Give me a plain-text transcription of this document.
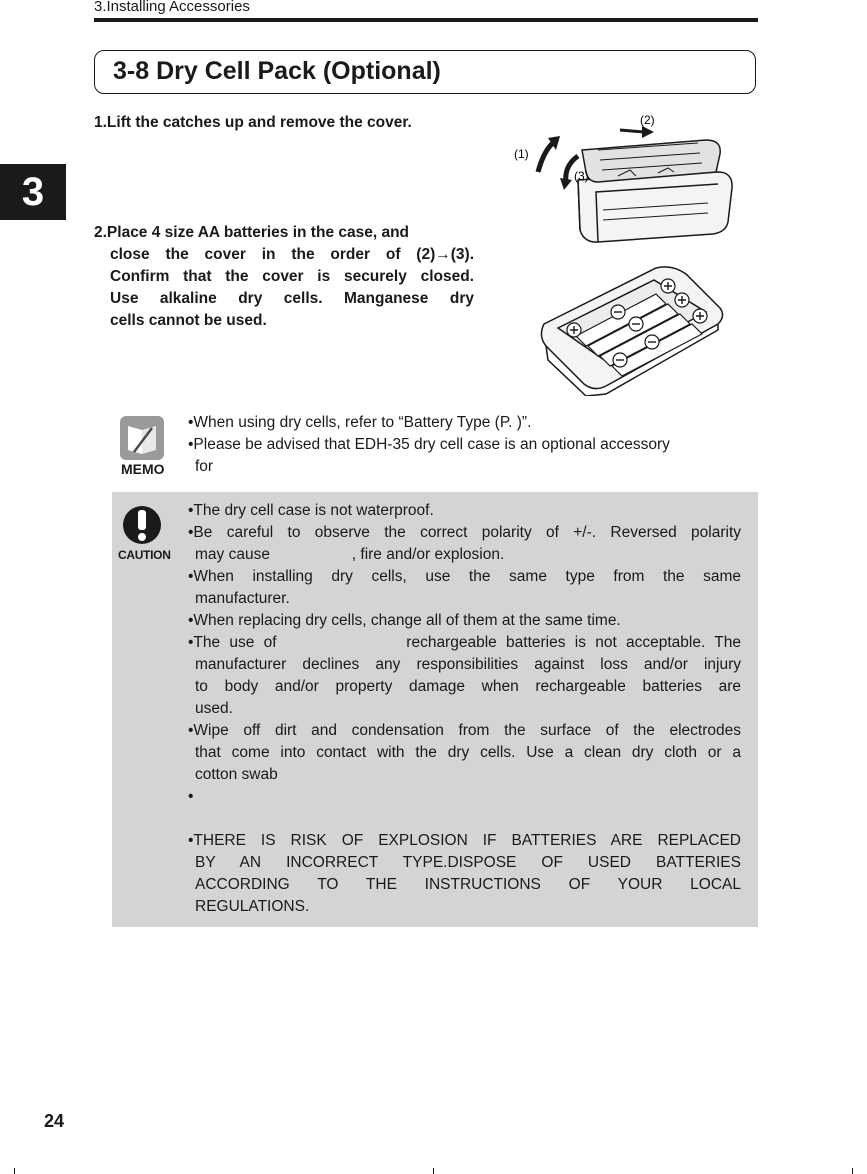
3.Installing Accessories
3
3-8 Dry Cell Pack (Optional)
1.Lift the catches up and remove the cover.
2.Place 4 size AA batteries in the case, and
close the cover in the order of (2)→(3).
Confirm that the cover is securely closed.
Use alkaline dry cells. Manganese dry
cells cannot be used.
(1)
(2)
(3)
MEMO
•When using dry cells, refer to “Battery Type (P. )”.
•Please be advised that EDH-35 dry cell case is an optional accessory
for
CAUTION
•The dry cell case is not waterproof.
•Be careful to observe the correct polarity of +/-. Reversed polarity
may cause                   , fire and/or explosion.
•When installing dry cells, use the same type from the same
manufacturer.
•When replacing dry cells, change all of them at the same time.
•The use of              rechargeable batteries is not acceptable. The
manufacturer declines any responsibilities against loss and/or injury
to body and/or property damage when rechargeable batteries are
used.
•Wipe off dirt and condensation from the surface of the electrodes
that come into contact with the dry cells. Use a clean dry cloth or a
cotton swab
•
•THERE IS RISK OF EXPLOSION IF BATTERIES ARE REPLACED
BY AN INCORRECT TYPE.DISPOSE OF USED BATTERIES
ACCORDING TO THE INSTRUCTIONS OF YOUR LOCAL
REGULATIONS.
24
